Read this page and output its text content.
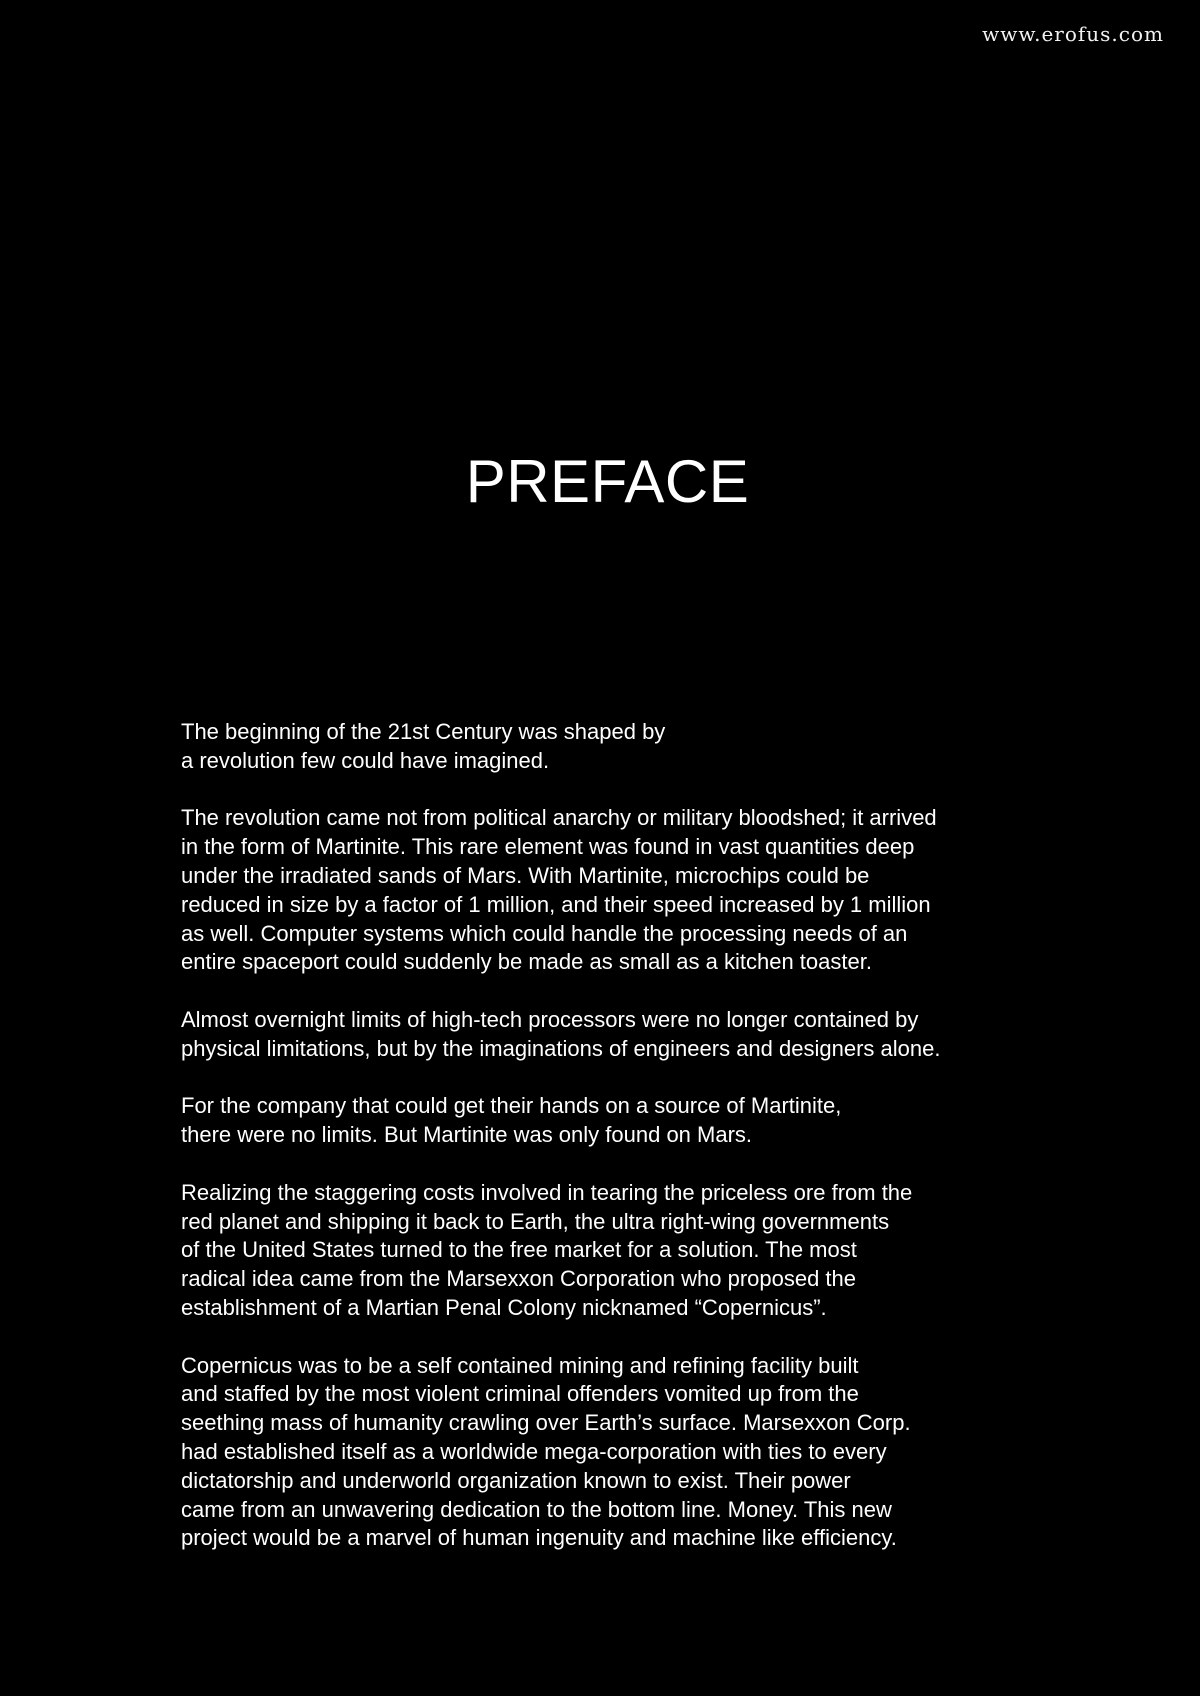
www.erofus.com
PREFACE

The beginning of the 21st Century was shaped by
a revolution few could have imagined.

The revolution came not from political anarchy or military bloodshed; it arrived
in the form of Martinite. This rare element was found in vast quantities deep
under the irradiated sands of Mars. With Martinite, microchips could be
reduced in size by a factor of 1 million, and their speed increased by 1 million
as well. Computer systems which could handle the processing needs of an
entire spaceport could suddenly be made as small as a kitchen toaster.

Almost overnight limits of high-tech processors were no longer contained by
physical limitations, but by the imaginations of engineers and designers alone.

For the company that could get their hands on a source of Martinite,
there were no limits. But Martinite was only found on Mars.

Realizing the staggering costs involved in tearing the priceless ore from the
red planet and shipping it back to Earth, the ultra right-wing governments
of the United States turned to the free market for a solution. The most
radical idea came from the Marsexxon Corporation who proposed the
establishment of a Martian Penal Colony nicknamed “Copernicus”.

Copernicus was to be a self contained mining and refining facility built
and staffed by the most violent criminal offenders vomited up from the
seething mass of humanity crawling over Earth’s surface. Marsexxon Corp.
had established itself as a worldwide mega-corporation with ties to every
dictatorship and underworld organization known to exist. Their power
came from an unwavering dedication to the bottom line. Money. This new
project would be a marvel of human ingenuity and machine like efficiency.
